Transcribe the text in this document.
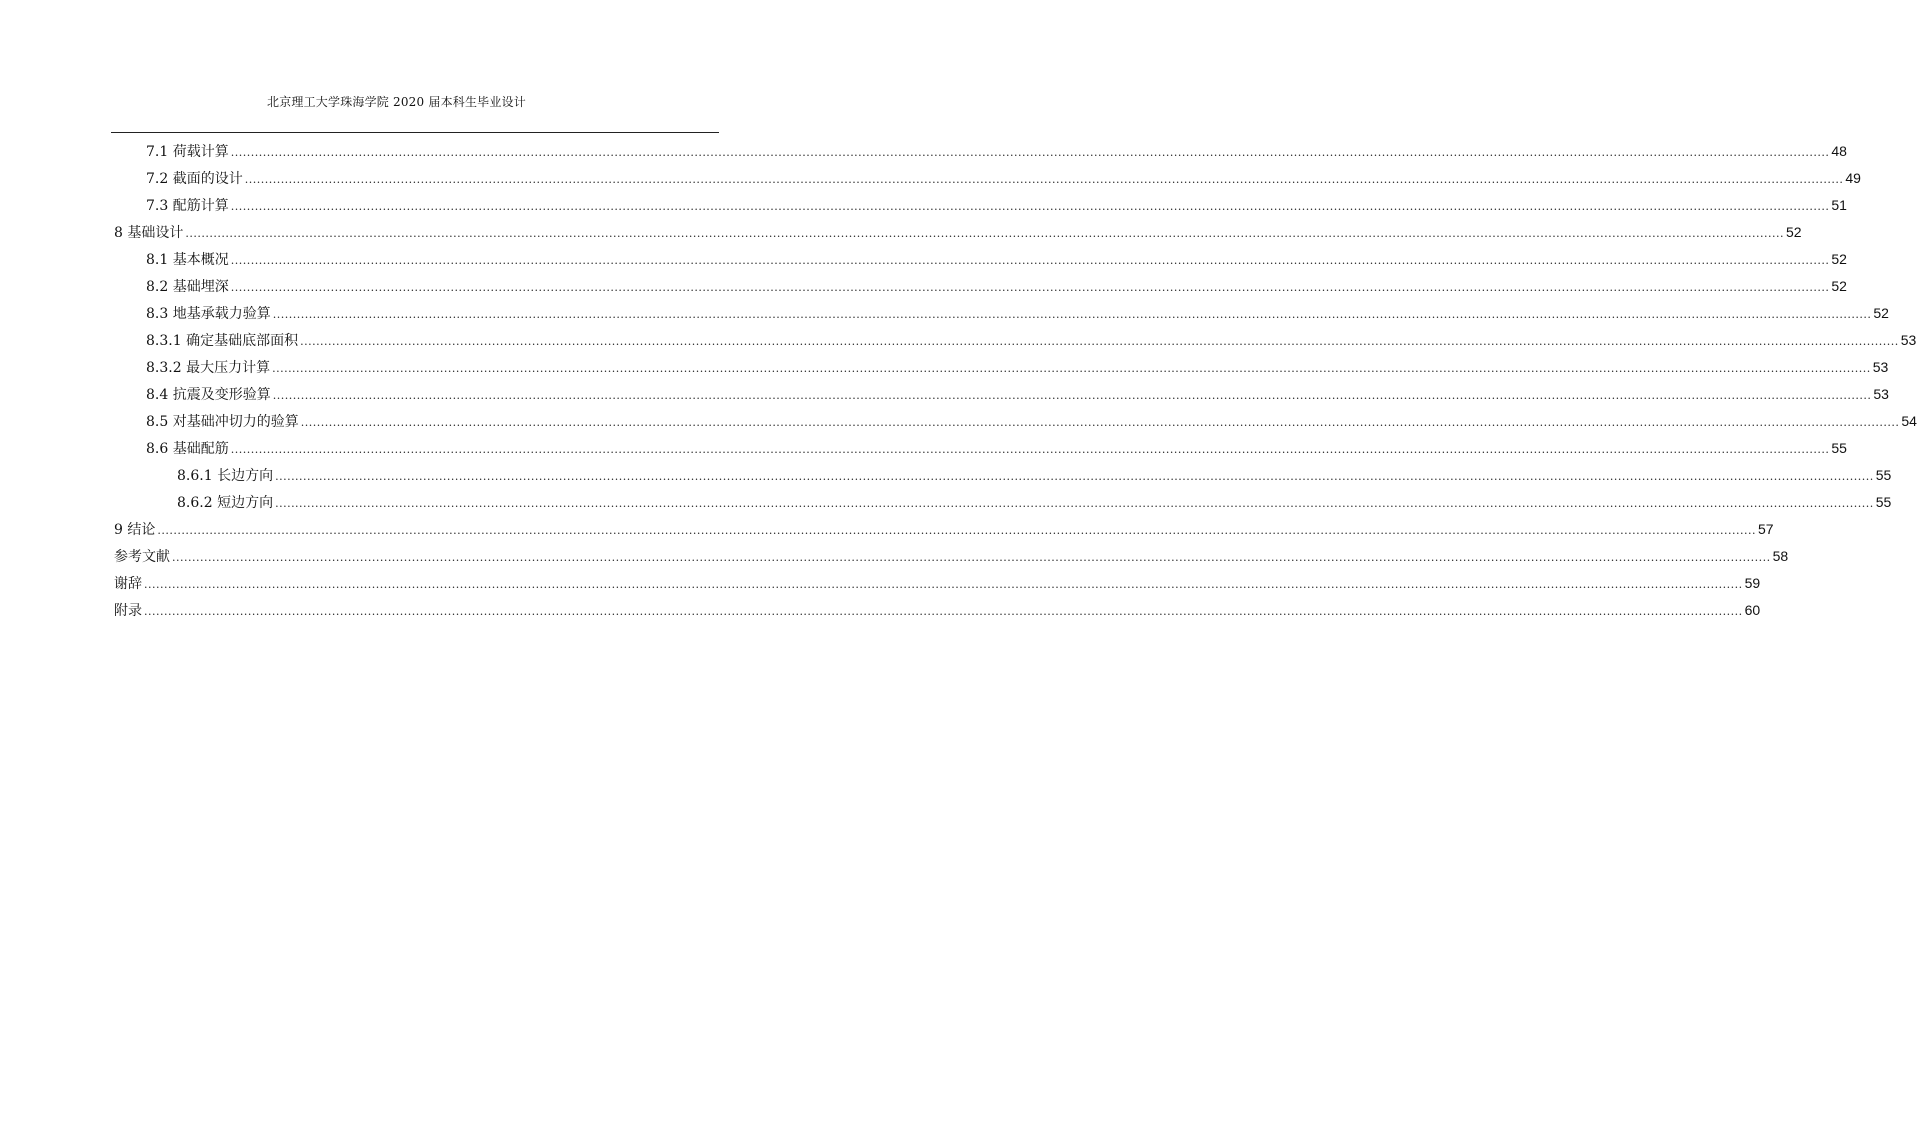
北京理工大学珠海学院 2020 届本科生毕业设计
7.1 荷载计算 ................................................................................................................................................................................................................................................................................................................................................................................................................ 48
7.2 截面的设计 ................................................................................................................................................................................................................................................................................................................................................................................................................ 49
7.3 配筋计算 ................................................................................................................................................................................................................................................................................................................................................................................................................ 51
8 基础设计 ................................................................................................................................................................................................................................................................................................................................................................................................................ 52
8.1 基本概况 ................................................................................................................................................................................................................................................................................................................................................................................................................ 52
8.2 基础埋深 ................................................................................................................................................................................................................................................................................................................................................................................................................ 52
8.3 地基承载力验算 ................................................................................................................................................................................................................................................................................................................................................................................................................ 52
8.3.1 确定基础底部面积 ................................................................................................................................................................................................................................................................................................................................................................................................................ 53
8.3.2 最大压力计算 ................................................................................................................................................................................................................................................................................................................................................................................................................ 53
8.4 抗震及变形验算 ................................................................................................................................................................................................................................................................................................................................................................................................................ 53
8.5 对基础冲切力的验算 ................................................................................................................................................................................................................................................................................................................................................................................................................ 54
8.6 基础配筋 ................................................................................................................................................................................................................................................................................................................................................................................................................ 55
8.6.1 长边方向 ................................................................................................................................................................................................................................................................................................................................................................................................................ 55
8.6.2 短边方向 ................................................................................................................................................................................................................................................................................................................................................................................................................ 55
9 结论 ................................................................................................................................................................................................................................................................................................................................................................................................................ 57
参考文献 ................................................................................................................................................................................................................................................................................................................................................................................................................ 58
谢辞 ................................................................................................................................................................................................................................................................................................................................................................................................................ 59
附录 ................................................................................................................................................................................................................................................................................................................................................................................................................ 60
